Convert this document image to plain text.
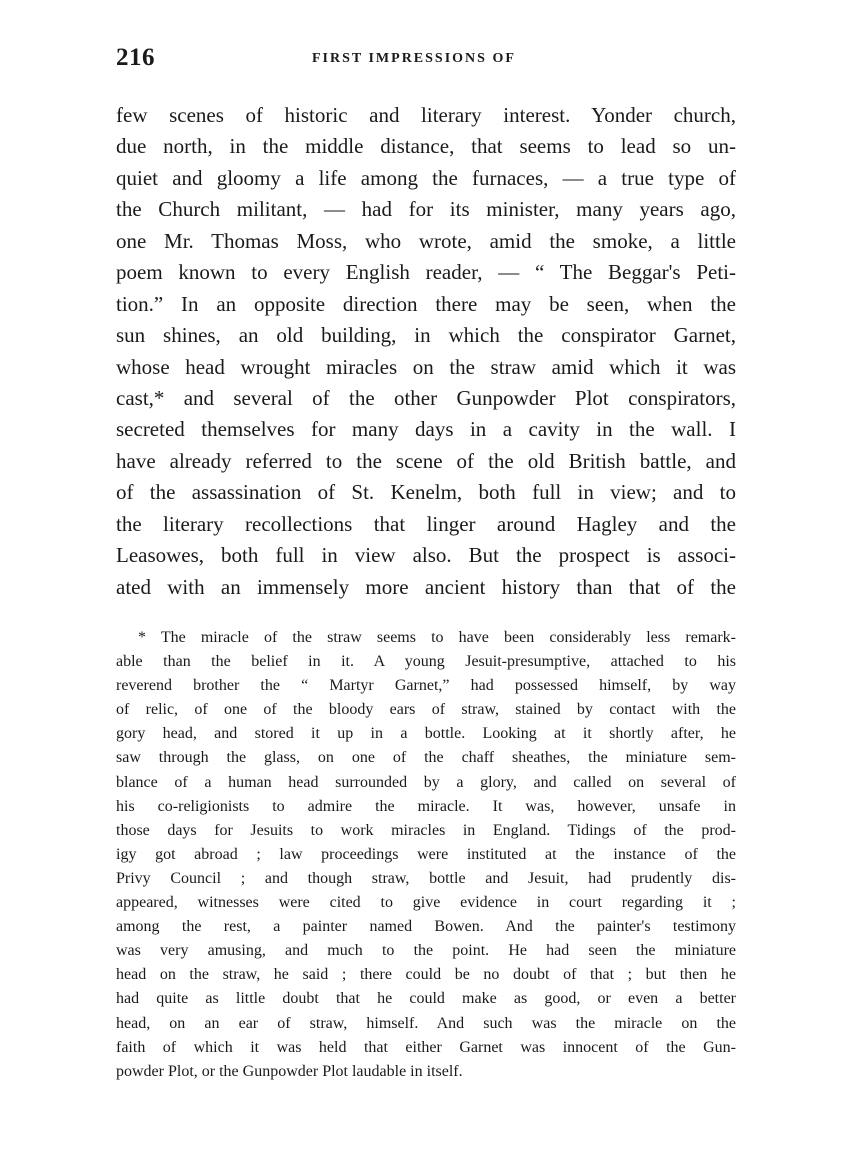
216	FIRST IMPRESSIONS OF
few scenes of historic and literary interest. Yonder church,
due north, in the middle distance, that seems to lead so un-
quiet and gloomy a life among the furnaces, — a true type of
the Church militant, — had for its minister, many years ago,
one Mr. Thomas Moss, who wrote, amid the smoke, a little
poem known to every English reader, — “ The Beggar's Peti-
tion.” In an opposite direction there may be seen, when the
sun shines, an old building, in which the conspirator Garnet,
whose head wrought miracles on the straw amid which it was
cast,* and several of the other Gunpowder Plot conspirators,
secreted themselves for many days in a cavity in the wall. I
have already referred to the scene of the old British battle, and
of the assassination of St. Kenelm, both full in view; and to
the literary recollections that linger around Hagley and the
Leasowes, both full in view also. But the prospect is associ-
ated with an immensely more ancient history than that of the
* The miracle of the straw seems to have been considerably less remark-
able than the belief in it. A young Jesuit-presumptive, attached to his
reverend brother the “ Martyr Garnet,” had possessed himself, by way
of relic, of one of the bloody ears of straw, stained by contact with the
gory head, and stored it up in a bottle. Looking at it shortly after, he
saw through the glass, on one of the chaff sheathes, the miniature sem-
blance of a human head surrounded by a glory, and called on several of
his co-religionists to admire the miracle. It was, however, unsafe in
those days for Jesuits to work miracles in England. Tidings of the prod-
igy got abroad ; law proceedings were instituted at the instance of the
Privy Council ; and though straw, bottle and Jesuit, had prudently dis-
appeared, witnesses were cited to give evidence in court regarding it ;
among the rest, a painter named Bowen. And the painter's testimony
was very amusing, and much to the point. He had seen the miniature
head on the straw, he said ; there could be no doubt of that ; but then he
had quite as little doubt that he could make as good, or even a better
head, on an ear of straw, himself. And such was the miracle on the
faith of which it was held that either Garnet was innocent of the Gun-
powder Plot, or the Gunpowder Plot laudable in itself.
